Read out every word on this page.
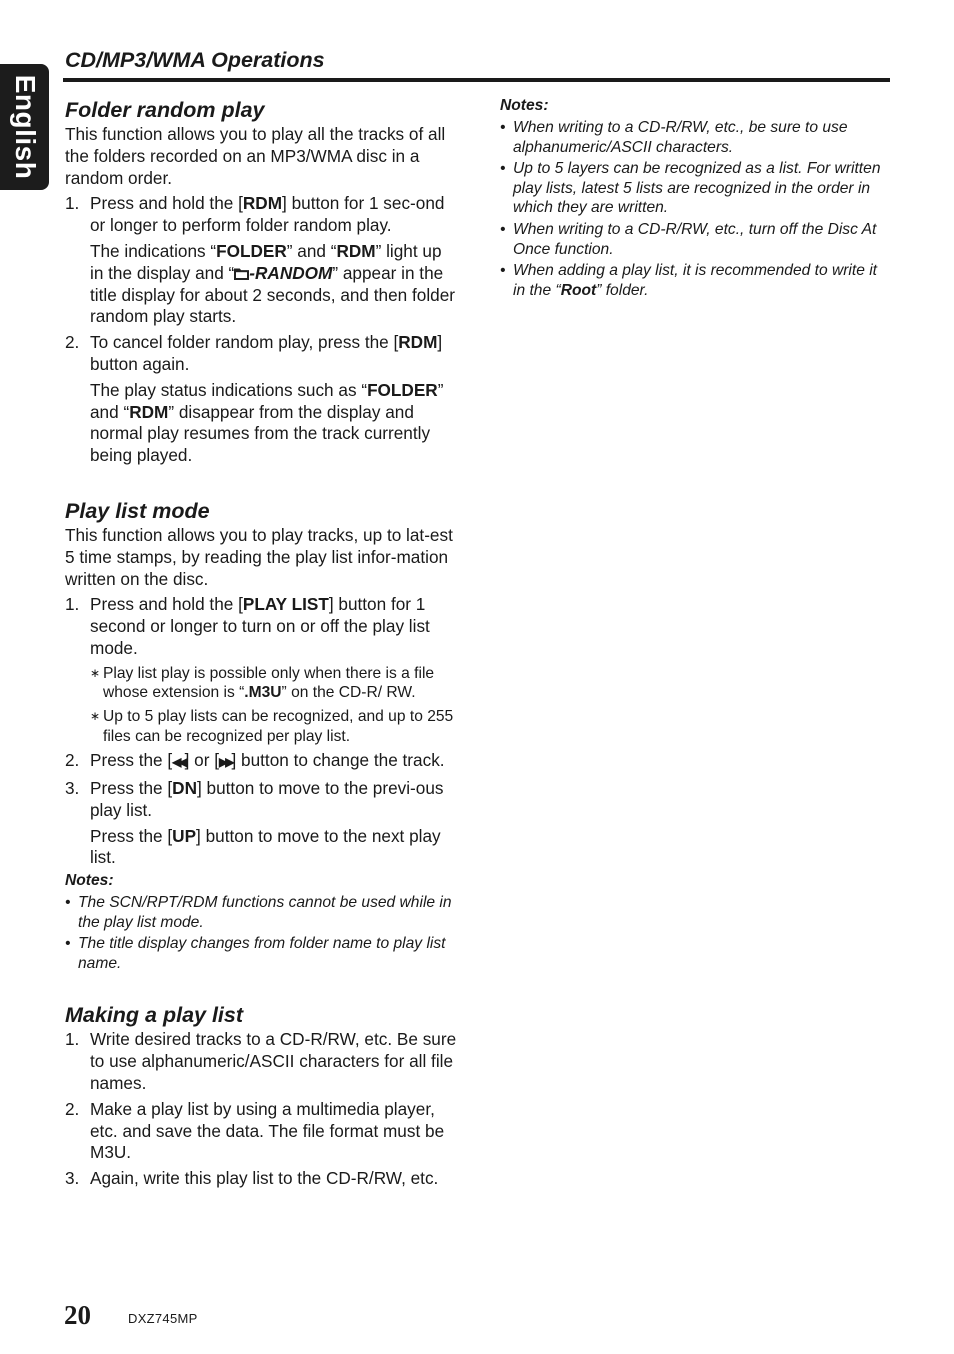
English
CD/MP3/WMA Operations
Folder random play

This function allows you to play all the tracks of all the folders recorded on an MP3/WMA disc in a random order.

1. Press and hold the [RDM] button for 1 sec-ond or longer to perform folder random play.
The indications “FOLDER” and “RDM” light up in the display and “ -RANDOM” appear in the title display for about 2 seconds, and then folder random play starts.
2. To cancel folder random play, press the [RDM] button again.
The play status indications such as “FOLDER” and “RDM” disappear from the display and normal play resumes from the track currently being played.
Play list mode

This function allows you to play tracks, up to lat-est 5 time stamps, by reading the play list infor-mation written on the disc.

1. Press and hold the [PLAY LIST] button for 1 second or longer to turn on or off the play list mode.
∗ Play list play is possible only when there is a file whose extension is “.M3U” on the CD-R/ RW.
∗ Up to 5 play lists can be recognized, and up to 255 files can be recognized per play list.
2. Press the [◀◀] or [▶▶] button to change the track.
3. Press the [DN] button to move to the previ-ous play list.
Press the [UP] button to move to the next play list.
Notes:
• The SCN/RPT/RDM functions cannot be used while in the play list mode.
• The title display changes from folder name to play list name.
Making a play list
1. Write desired tracks to a CD-R/RW, etc. Be sure to use alphanumeric/ASCII characters for all file names.
2. Make a play list by using a multimedia player, etc. and save the data. The file format must be M3U.
3. Again, write this play list to the CD-R/RW, etc.
Notes:
• When writing to a CD-R/RW, etc., be sure to use alphanumeric/ASCII characters.
• Up to 5 layers can be recognized as a list. For written play lists, latest 5 lists are recognized in the order in which they are written.
• When writing to a CD-R/RW, etc., turn off the Disc At Once function.
• When adding a play list, it is recommended to write it in the “Root” folder.
20	DXZ745MP
